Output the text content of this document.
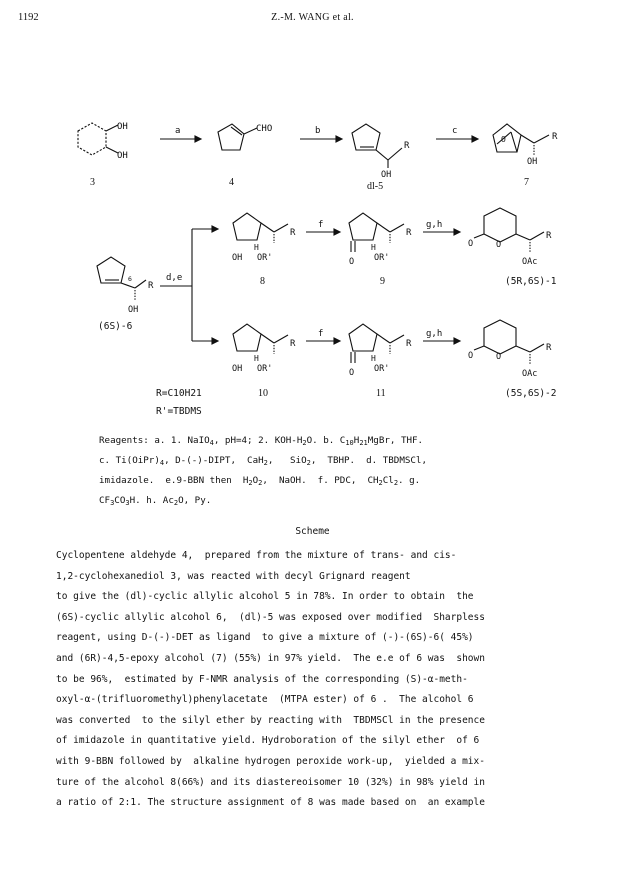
1192	Z.-M. WANG et al.
OH
OH
3
a	CHO
4
b
R
OH
dl-5
c
O	R
OH
7
6
R
OH
(6S)-6
d,e
R
H
OH OR'
8
f
R
H
O OR'
9
g,h
O	O
R
OAc
(5R,6S)-1
R
H
OH OR'
10
f
R
H
O OR'
11
g,h
O	O
R
OAc
(5S,6S)-2
R=C10H21
R'=TBDMS
Reagents: a. 1. NaIO$_4$, pH=4; 2. KOH-$H_2O$. b. $C_{10}H_{21}MgBr$, THF.
c. $Ti(OiPr)_4$, D-(-)-DIPT,  CaH$_2$,   SiO$_2$,  TBHP.  d. TBDMSCl,
imidazole.  e.9-BBN then  $H_2O_2$,  NaOH.  f. PDC,  $CH_2Cl_2$. g.
$CF_3CO_3H$. h. $Ac_2O$, Py.
Scheme

Cyclopentene aldehyde 4,  prepared from the mixture of trans- and cis-

1,2-cyclohexanediol 3, was reacted with decyl Grignard reagent

to give the (dl)-cyclic allylic alcohol 5 in 78%. In order to obtain  the

(6S)-cyclic allylic alcohol 6,  (dl)-5 was exposed over modified  Sharpless

reagent, using D-(-)-DET as ligand  to give a mixture of (-)-(6S)-6( 45%)

and (6R)-4,5-epoxy alcohol (7) (55%) in 97% yield.  The e.e of 6 was  shown

to be 96%,  estimated by F-NMR analysis of the corresponding (S)-α-meth-

oxyl-α-(trifluoromethyl)phenylacetate  (MTPA ester) of 6 .  The alcohol 6

was converted  to the silyl ether by reacting with  TBDMSCl in the presence

of imidazole in quantitative yield. Hydroboration of the silyl ether  of 6

with 9-BBN followed by  alkaline hydrogen peroxide work-up,  yielded a mix-

ture of the alcohol 8(66%) and its diastereoisomer 10 (32%) in 98% yield in

a ratio of 2:1. The structure assignment of 8 was made based on  an example
